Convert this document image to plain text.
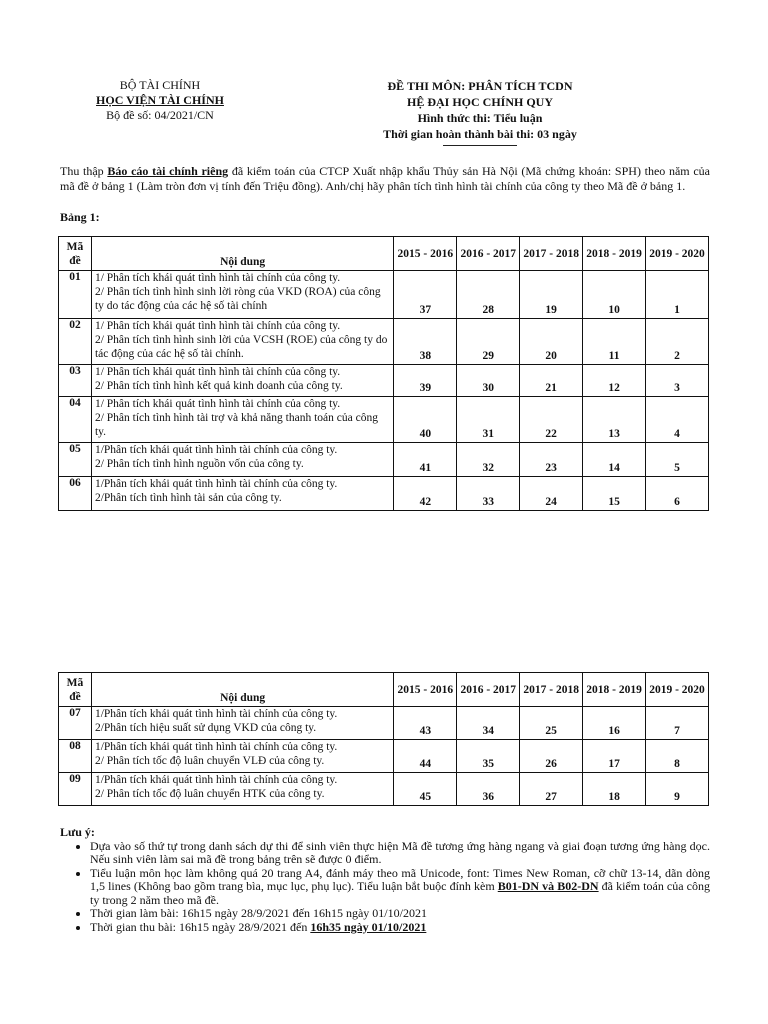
BỘ TÀI CHÍNH
HỌC VIỆN TÀI CHÍNH
Bộ đề số: 04/2021/CN
ĐỀ THI MÔN: PHÂN TÍCH TCDN
HỆ ĐẠI HỌC CHÍNH QUY
Hình thức thi: Tiểu luận
Thời gian hoàn thành bài thi: 03 ngày
Thu thập Báo cáo tài chính riêng đã kiểm toán của CTCP Xuất nhập khẩu Thủy sản Hà Nội (Mã chứng khoán: SPH) theo năm của mã đề ở bảng 1 (Làm tròn đơn vị tính đến Triệu đồng). Anh/chị hãy phân tích tình hình tài chính của công ty theo Mã đề ở bảng 1.
Bảng 1:
Mã đề	Nội dung	2015 - 2016	2016 - 2017	2017 - 2018	2018 - 2019	2019 - 2020
01	1/ Phân tích khái quát tình hình tài chính của công ty.
2/ Phân tích tình hình sinh lời ròng của VKD (ROA) của công ty do tác động của các hệ số tài chính	37	28	19	10	1
02	1/ Phân tích khái quát tình hình tài chính của công ty.
2/ Phân tích tình hình sinh lời của VCSH (ROE) của công ty do tác động của các hệ số tài chính.	38	29	20	11	2
03	1/ Phân tích khái quát tình hình tài chính của công ty.
2/ Phân tích tình hình kết quả kinh doanh của công ty.	39	30	21	12	3
04	1/ Phân tích khái quát tình hình tài chính của công ty.
2/ Phân tích tình hình tài trợ và khả năng thanh toán của công ty.	40	31	22	13	4
05	1/Phân tích khái quát tình hình tài chính của công ty.
2/ Phân tích tình hình nguồn vốn của công ty.	41	32	23	14	5
06	1/Phân tích khái quát tình hình tài chính của công ty.
2/Phân tích tình hình tài sản của công ty.	42	33	24	15	6
Mã đề	Nội dung	2015 - 2016	2016 - 2017	2017 - 2018	2018 - 2019	2019 - 2020
07	1/Phân tích khái quát tình hình tài chính của công ty.
2/Phân tích hiệu suất sử dụng VKD của công ty.	43	34	25	16	7
08	1/Phân tích khái quát tình hình tài chính của công ty.
2/ Phân tích tốc độ luân chuyển VLĐ của công ty.	44	35	26	17	8
09	1/Phân tích khái quát tình hình tài chính của công ty.
2/ Phân tích tốc độ luân chuyển HTK của công ty.	45	36	27	18	9
Lưu ý:
• Dựa vào số thứ tự trong danh sách dự thi để sinh viên thực hiện Mã đề tương ứng hàng ngang và giai đoạn tương ứng hàng dọc. Nếu sinh viên làm sai mã đề trong bảng trên sẽ được 0 điểm.
• Tiểu luận môn học làm không quá 20 trang A4, đánh máy theo mã Unicode, font: Times New Roman, cỡ chữ 13-14, dãn dòng 1,5 lines (Không bao gồm trang bìa, mục lục, phụ lục). Tiểu luận bắt buộc đính kèm B01-DN và B02-DN đã kiểm toán của công ty trong 2 năm theo mã đề.
• Thời gian làm bài: 16h15 ngày 28/9/2021 đến 16h15 ngày 01/10/2021
• Thời gian thu bài: 16h15 ngày 28/9/2021 đến 16h35 ngày 01/10/2021
